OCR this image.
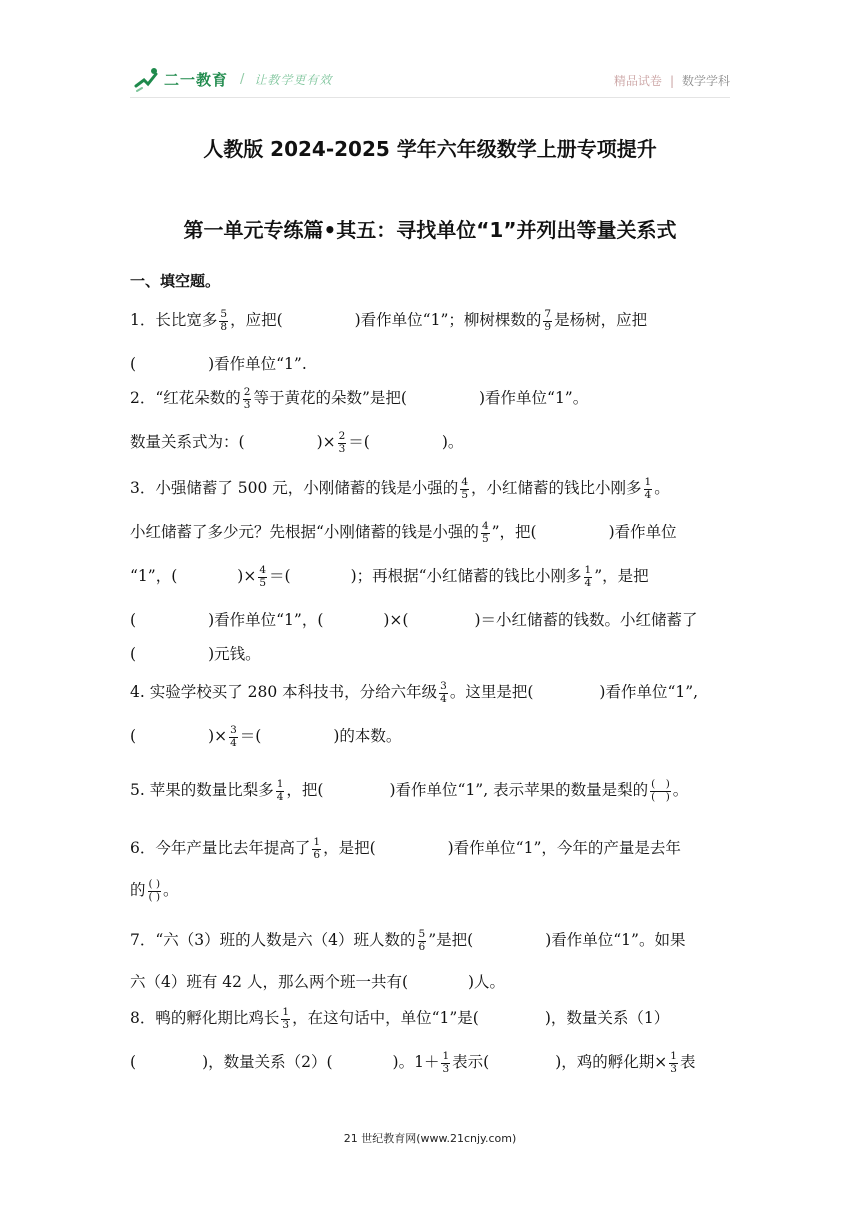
二一教育 / 让教学更有效	精品试卷 | 数学学科
人教版 2024-2025 学年六年级数学上册专项提升
第一单元专练篇•其五：寻找单位“1”并列出等量关系式
一、填空题。
1．长比宽多 $\frac{5}{8}$ ，应把(	)看作单位“1”；柳树棵数的 $\frac{7}{9}$ 是杨树，应把
(	)看作单位“1”.
2．“红花朵数的 $\frac{2}{3}$ 等于黄花的朵数”是把(	)看作单位“1”。
数量关系式为：(	)× $\frac{2}{3}$ ＝(	)。
3．小强储蓄了 500 元，小刚储蓄的钱是小强的 $\frac{4}{5}$ ，小红储蓄的钱比小刚多 $\frac{1}{4}$ 。
小红储蓄了多少元？先根据“小刚储蓄的钱是小强的 $\frac{4}{5}$ ”，把(	)看作单位
“1”，(	)× $\frac{4}{5}$ ＝(	)；再根据“小红储蓄的钱比小刚多 $\frac{1}{4}$ ”，是把
(	)看作单位“1”，(	)×(	)＝小红储蓄的钱数。小红储蓄了
(	)元钱。
4. 实验学校买了 280 本科技书，分给六年级 $\frac{3}{4}$ 。这里是把(	)看作单位“1”,
(	)× $\frac{3}{4}$ ＝(	)的本数。
5. 苹果的数量比梨多 $\frac{1}{4}$ ，把(	)看作单位“1”, 表示苹果的数量是梨的 $\frac{( )}{( )}$ 。
6．今年产量比去年提高了 $\frac{1}{6}$ ，是把(	)看作单位“1”，今年的产量是去年
的 $\frac{( )}{( )}$ 。
7．“六（3）班的人数是六（4）班人数的 $\frac{5}{6}$ ”是把(	)看作单位“1”。如果
六（4）班有 42 人，那么两个班一共有(	)人。
8．鸭的孵化期比鸡长 $\frac{1}{3}$ ，在这句话中，单位“1”是(	)，数量关系（1）
(	)，数量关系（2）(	)。$1+ \frac{1}{3}$ 表示(	)，鸡的孵化期× $\frac{1}{3}$ 表
21 世纪教育网(www.21cnjy.com)
